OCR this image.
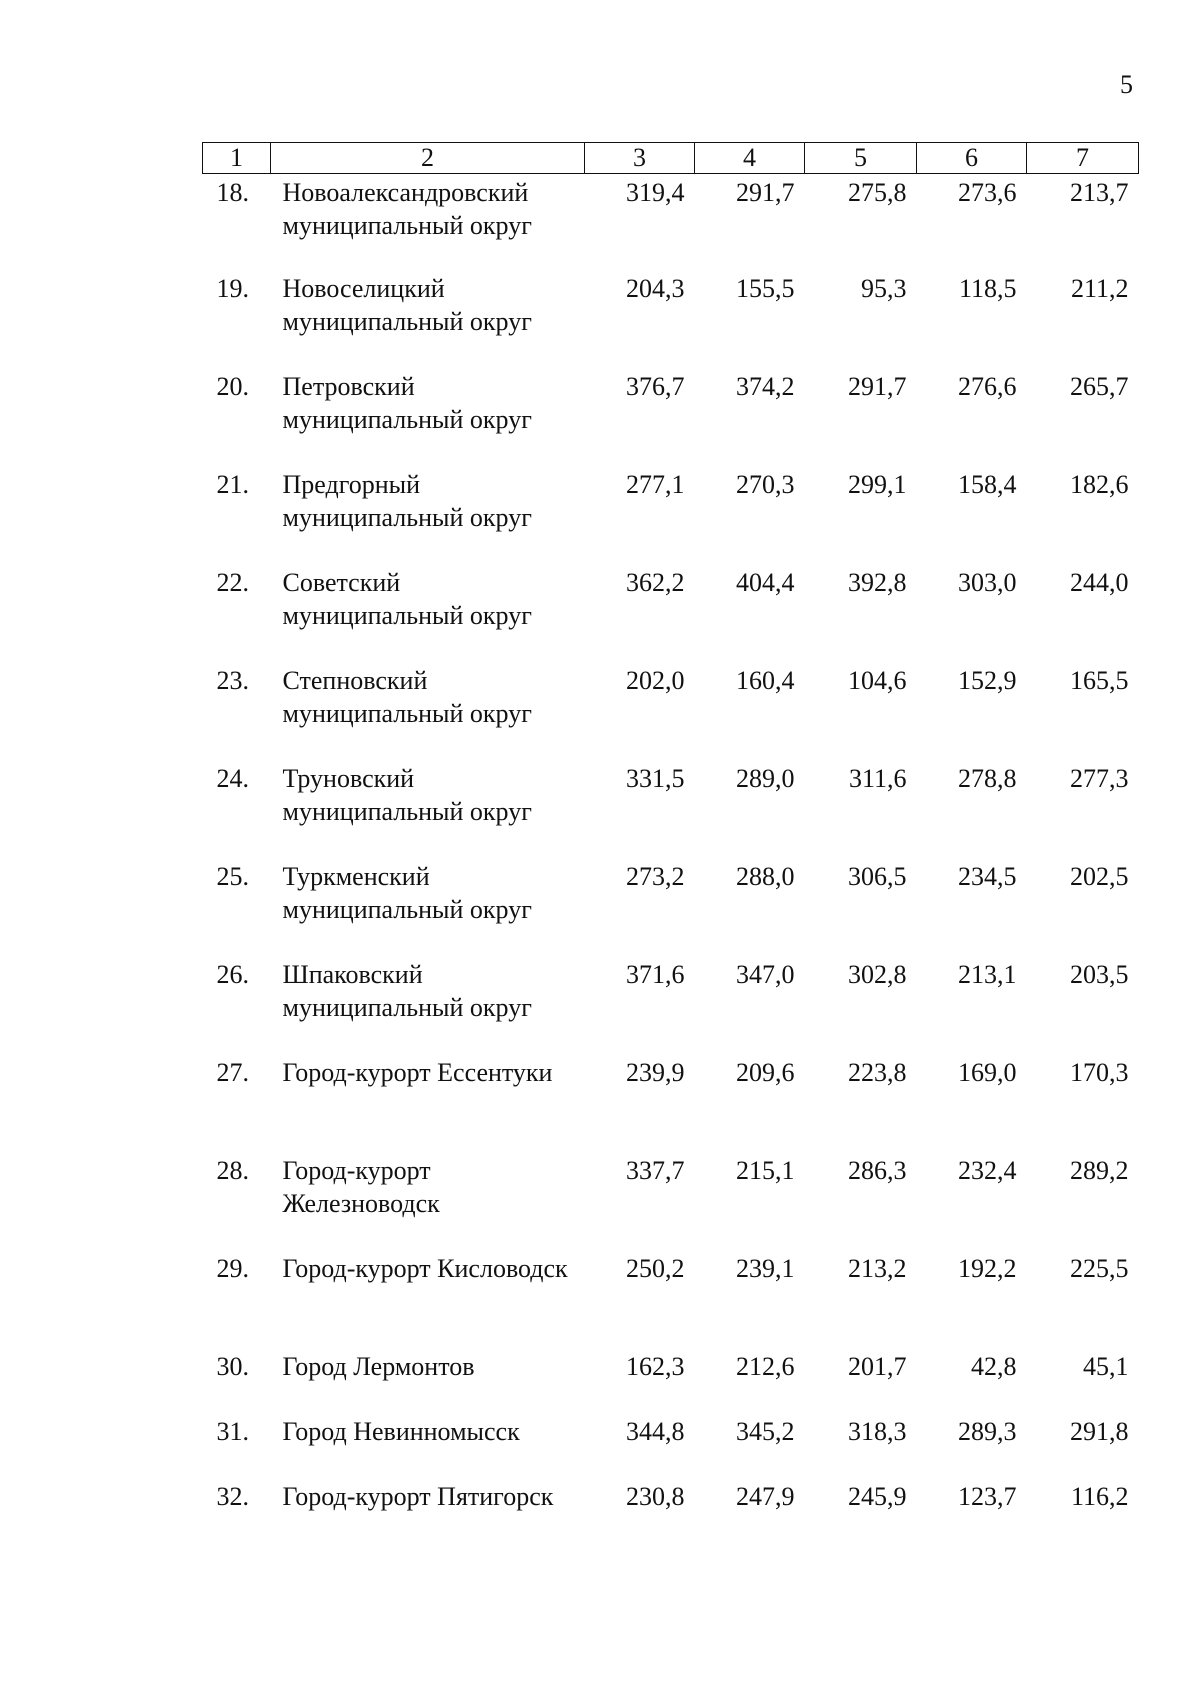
5
1	2	3	4	5	6	7
18.	Новоалександровский муниципальный округ	319,4	291,7	275,8	273,6	213,7
19.	Новоселицкий муниципальный округ	204,3	155,5	95,3	118,5	211,2
20.	Петровский муниципальный округ	376,7	374,2	291,7	276,6	265,7
21.	Предгорный муниципальный округ	277,1	270,3	299,1	158,4	182,6
22.	Советский муниципальный округ	362,2	404,4	392,8	303,0	244,0
23.	Степновский муниципальный округ	202,0	160,4	104,6	152,9	165,5
24.	Труновский муниципальный округ	331,5	289,0	311,6	278,8	277,3
25.	Туркменский муниципальный округ	273,2	288,0	306,5	234,5	202,5
26.	Шпаковский муниципальный округ	371,6	347,0	302,8	213,1	203,5
27.	Город-курорт Ессентуки	239,9	209,6	223,8	169,0	170,3
28.	Город-курорт Железноводск	337,7	215,1	286,3	232,4	289,2
29.	Город-курорт Кисловодск	250,2	239,1	213,2	192,2	225,5
30.	Город Лермонтов	162,3	212,6	201,7	42,8	45,1
31.	Город Невинномысск	344,8	345,2	318,3	289,3	291,8
32.	Город-курорт Пятигорск	230,8	247,9	245,9	123,7	116,2
